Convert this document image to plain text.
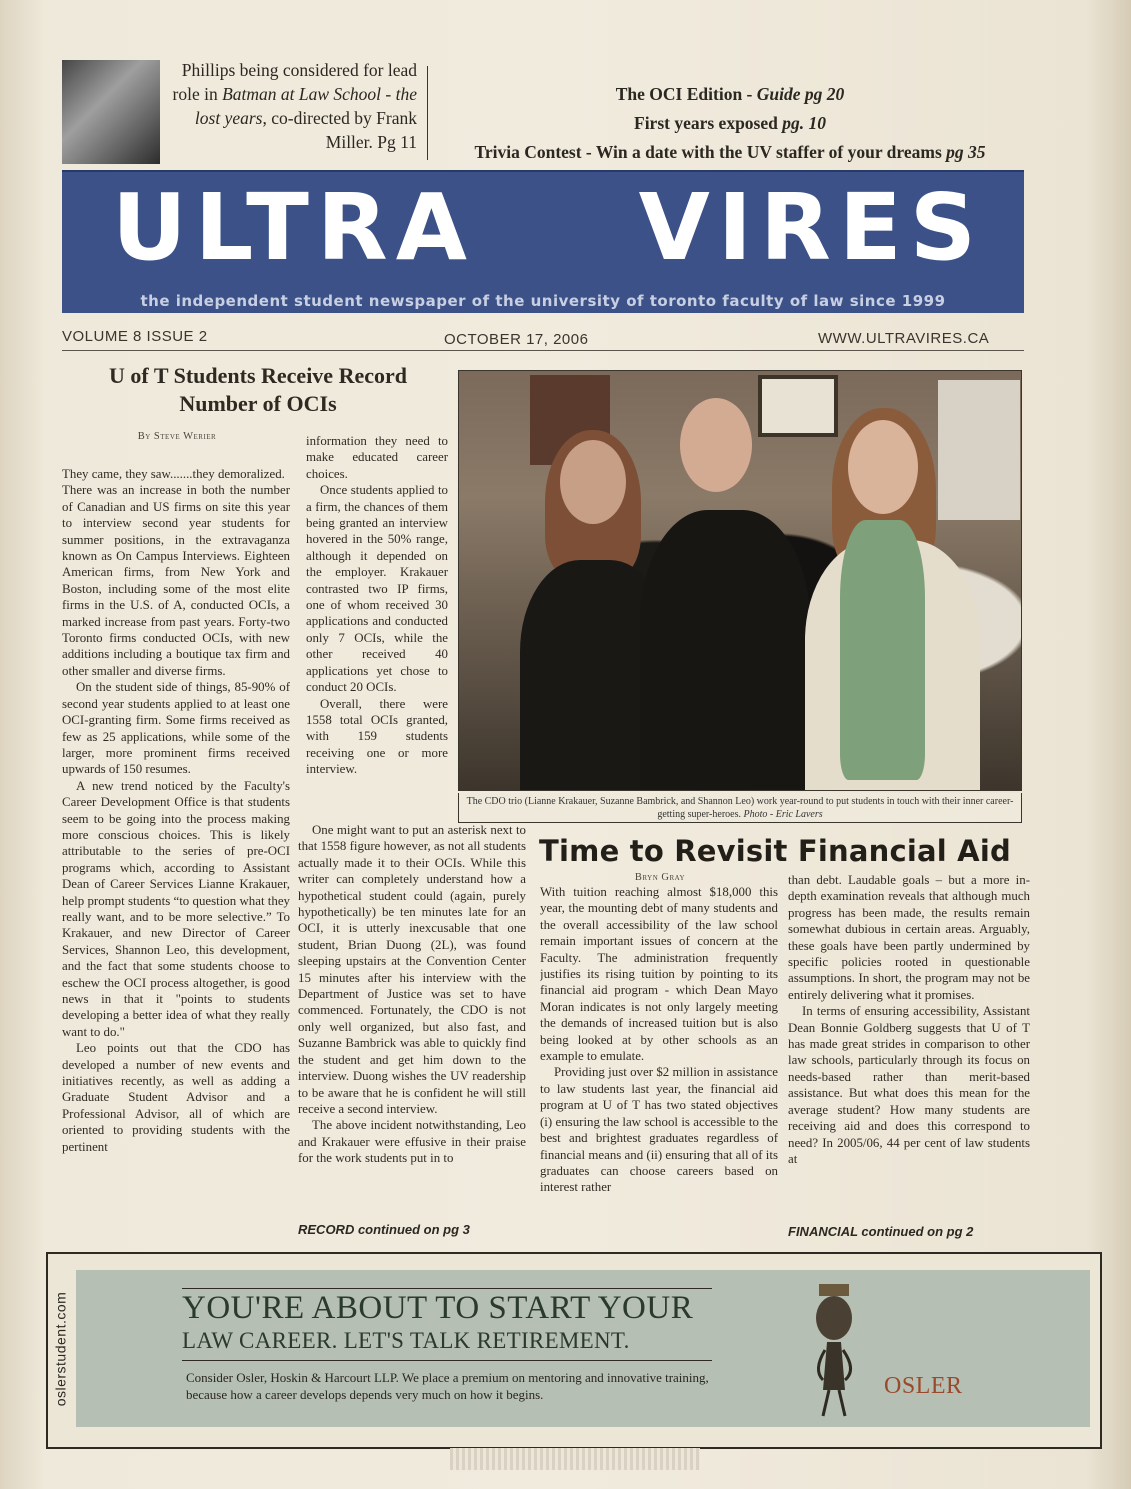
Phillips being considered for lead
role in Batman at Law School - the
lost years, co-directed by Frank
Miller. Pg 11
The OCI Edition - Guide pg 20
First years exposed pg. 10
Trivia Contest - Win a date with the UV staffer of your dreams pg 35
ULTRA VIRES
the independent student newspaper of the university of toronto faculty of law since 1999
VOLUME 8 ISSUE 2	OCTOBER 17, 2006	WWW.ULTRAVIRES.CA
U of T Students Receive Record
Number of OCIs
By Steve Werier

They came, they saw.......they demoralized.

There was an increase in both the number of Canadian and US firms on site this year to interview second year students for summer positions, in the extravaganza known as On Campus Interviews. Eighteen American firms, from New York and Boston, including some of the most elite firms in the U.S. of A, conducted OCIs, a marked increase from past years. Forty-two Toronto firms conducted OCIs, with new additions including a boutique tax firm and other smaller and diverse firms.

On the student side of things, 85-90% of second year students applied to at least one OCI-granting firm. Some firms received as few as 25 applications, while some of the larger, more prominent firms received upwards of 150 resumes.

A new trend noticed by the Faculty's Career Development Office is that students seem to be going into the process making more conscious choices. This is likely attributable to the series of pre-OCI programs which, according to Assistant Dean of Career Services Lianne Krakauer, help prompt students “to question what they really want, and to be more selective.” To Krakauer, and new Director of Career Services, Shannon Leo, this development, and the fact that some students choose to eschew the OCI process altogether, is good news in that it "points to students developing a better idea of what they really want to do."

Leo points out that the CDO has developed a number of new events and initiatives recently, as well as adding a Graduate Student Advisor and a Professional Advisor, all of which are oriented to providing students with the pertinent

information they need to make educated career choices.

Once students applied to a firm, the chances of them being granted an interview hovered in the 50% range, although it depended on the employer. Krakauer contrasted two IP firms, one of whom received 30 applications and conducted only 7 OCIs, while the other received 40 applications yet chose to conduct 20 OCIs.

Overall, there were 1558 total OCIs granted, with 159 students receiving one or more interview.

One might want to put an asterisk next to that 1558 figure however, as not all students actually made it to their OCIs. While this writer can completely understand how a hypothetical student could (again, purely hypothetically) be ten minutes late for an OCI, it is utterly inexcusable that one student, Brian Duong (2L), was found sleeping upstairs at the Convention Center 15 minutes after his interview with the Department of Justice was set to have commenced. Fortunately, the CDO is not only well organized, but also fast, and Suzanne Bambrick was able to quickly find the student and get him down to the interview. Duong wishes the UV readership to be aware that he is confident he will still receive a second interview.

The above incident notwithstanding, Leo and Krakauer were effusive in their praise for the work students put in to

RECORD continued on pg 3
The CDO trio (Lianne Krakauer, Suzanne Bambrick, and Shannon Leo) work year-round to put students in touch with their inner career-getting super-heroes. Photo - Eric Lavers
Time to Revisit Financial Aid
Bryn Gray

With tuition reaching almost $18,000 this year, the mounting debt of many students and the overall accessibility of the law school remain important issues of concern at the Faculty. The administration frequently justifies its rising tuition by pointing to its financial aid program - which Dean Mayo Moran indicates is not only largely meeting the demands of increased tuition but is also being looked at by other schools as an example to emulate.

Providing just over $2 million in assistance to law students last year, the financial aid program at U of T has two stated objectives (i) ensuring the law school is accessible to the best and brightest graduates regardless of financial means and (ii) ensuring that all of its graduates can choose careers based on interest rather

than debt. Laudable goals – but a more in-depth examination reveals that although much progress has been made, the results remain somewhat dubious in certain areas. Arguably, these goals have been partly undermined by specific policies rooted in questionable assumptions. In short, the program may not be entirely delivering what it promises.

In terms of ensuring accessibility, Assistant Dean Bonnie Goldberg suggests that U of T has made great strides in comparison to other law schools, particularly through its focus on needs-based rather than merit-based assistance. But what does this mean for the average student? How many students are receiving aid and does this correspond to need? In 2005/06, 44 per cent of law students at

FINANCIAL continued on pg 2
oslerstudent.com	YOU'RE ABOUT TO START YOUR
LAW CAREER. LET'S TALK RETIREMENT.
Consider Osler, Hoskin & Harcourt LLP. We place a premium on mentoring and innovative training, because how a career develops depends very much on how it begins.	OSLER
